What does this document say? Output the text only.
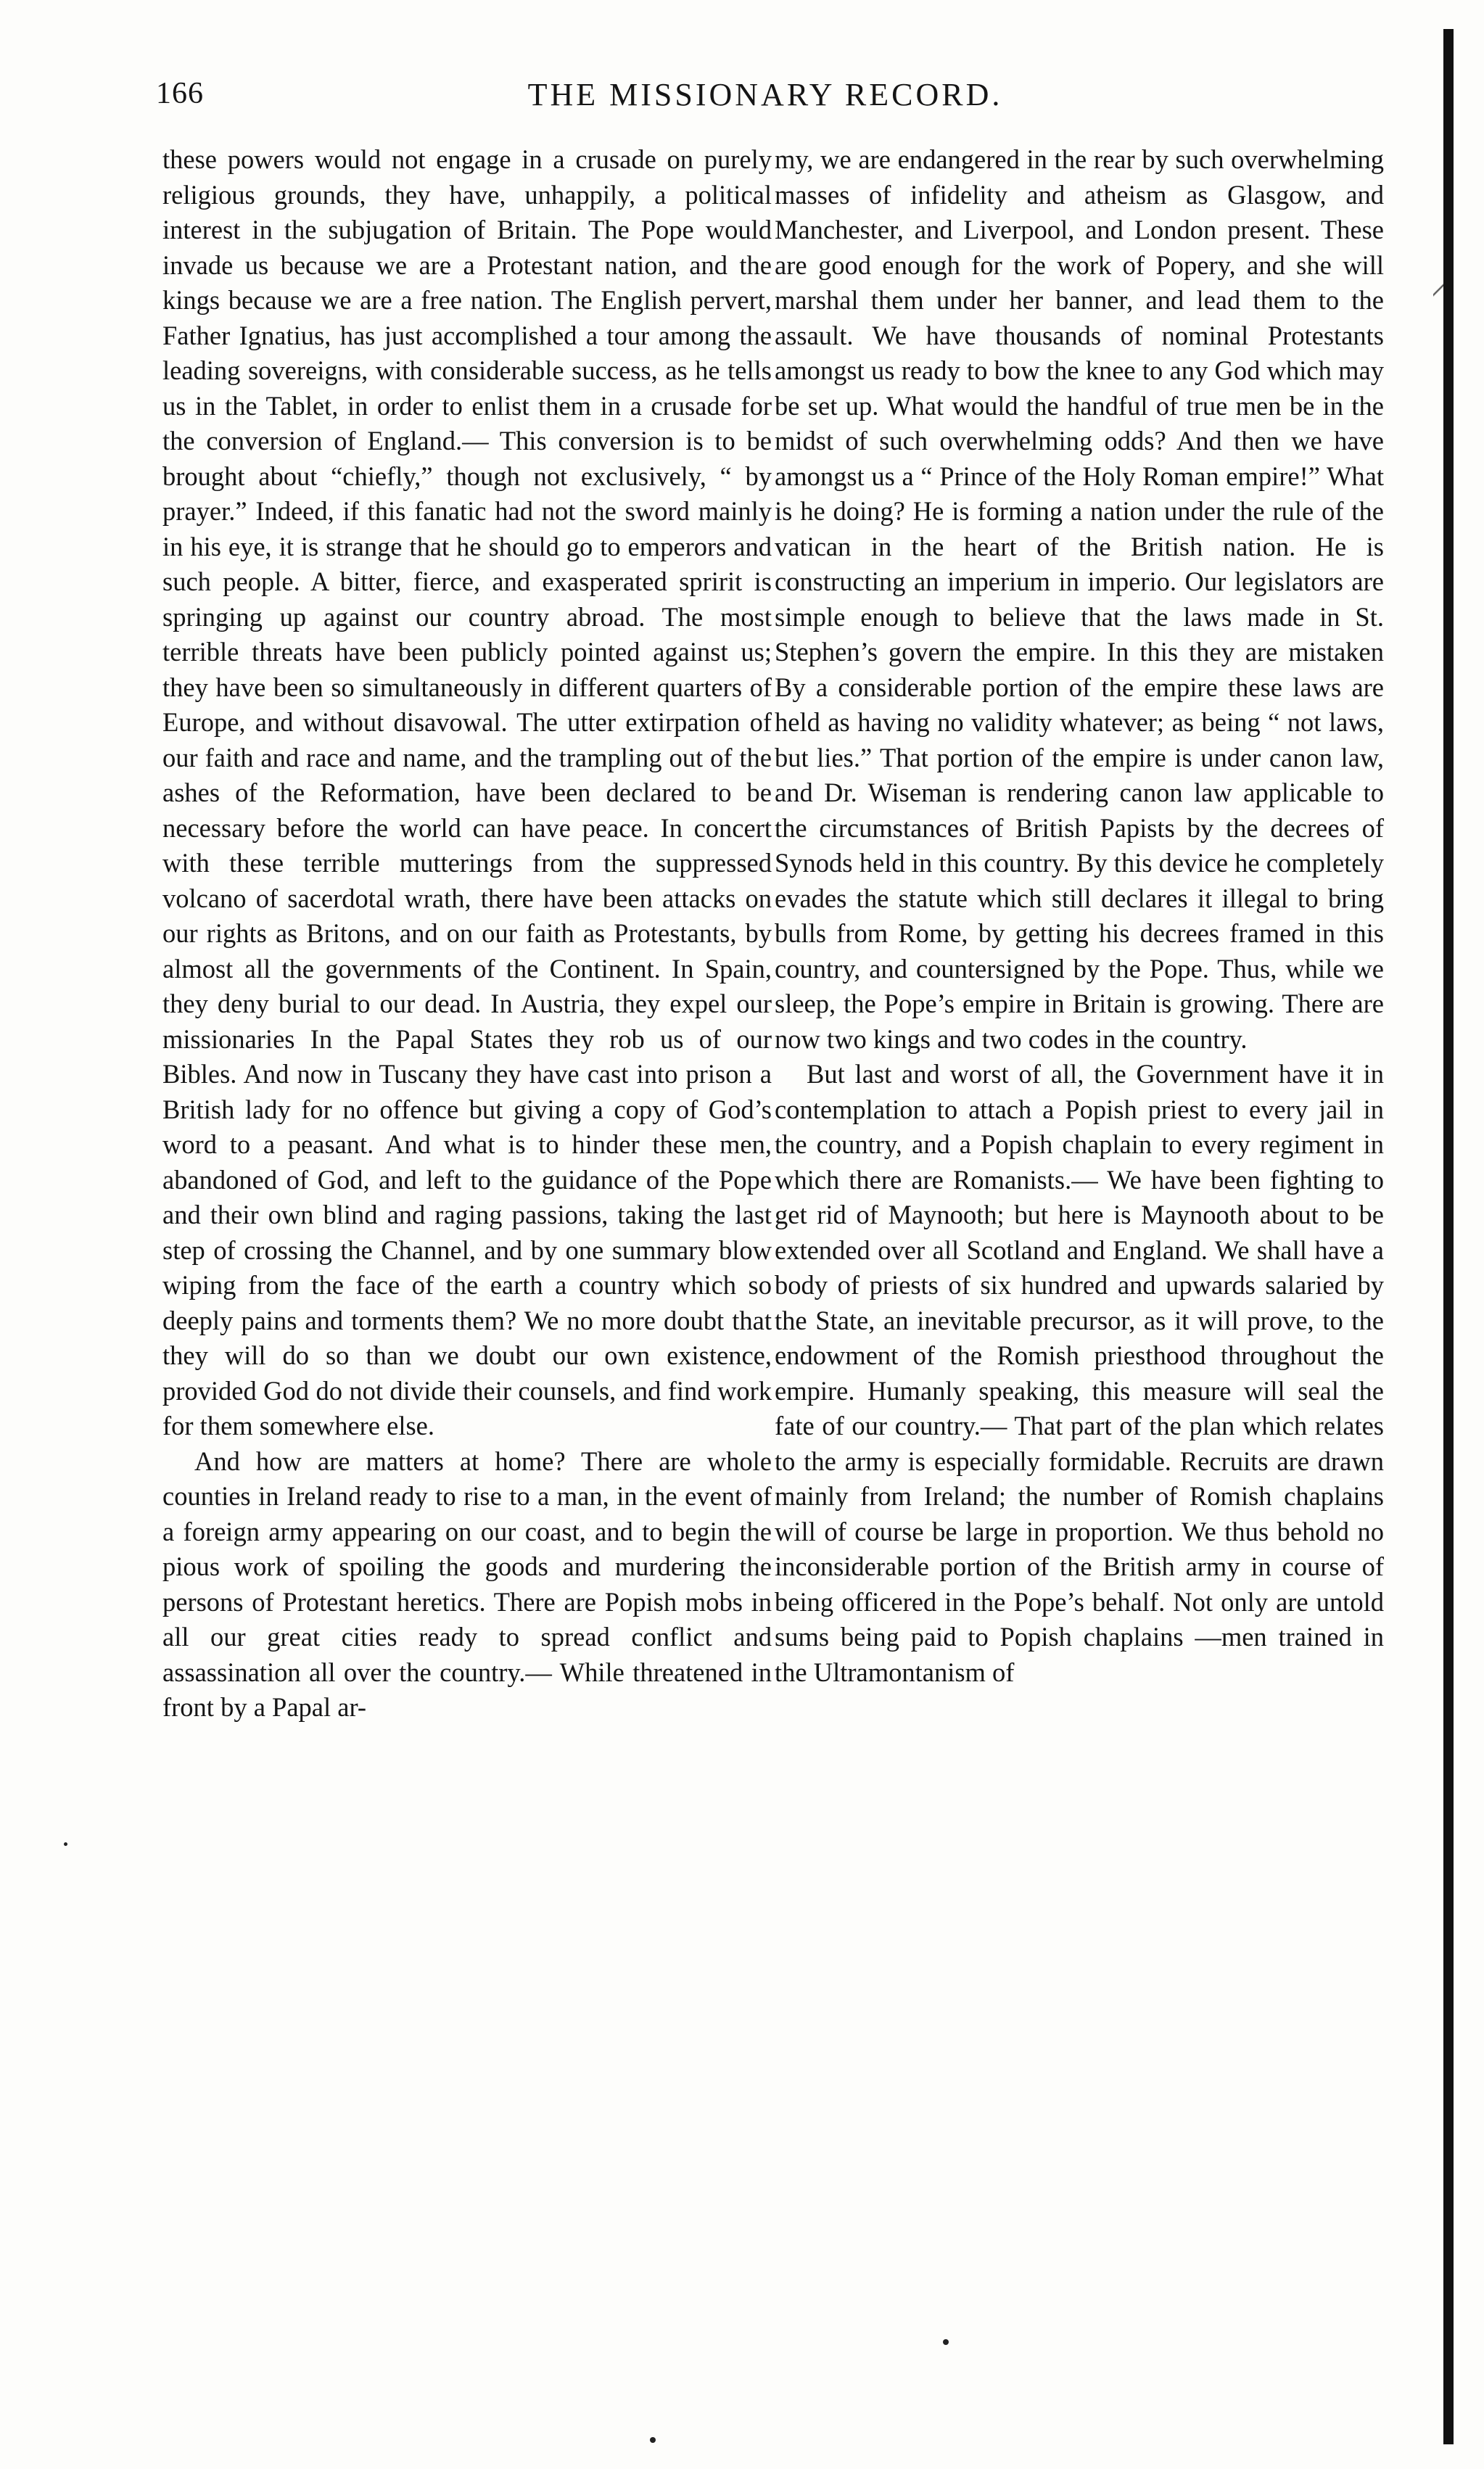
166	THE MISSIONARY RECORD.

these powers would not engage in a crusade on purely religious grounds, they have, unhappily, a political interest in the subjugation of Britain. The Pope would invade us because we are a Protestant nation, and the kings because we are a free nation. The English pervert, Father Ignatius, has just accomplished a tour among the leading sovereigns, with considerable success, as he tells us in the Tablet, in order to enlist them in a crusade for the conversion of England.— This conversion is to be brought about “chiefly,” though not exclusively, “ by prayer.” Indeed, if this fanatic had not the sword mainly in his eye, it is strange that he should go to emperors and such people. A bitter, fierce, and exasperated spririt is springing up against our country abroad. The most terrible threats have been publicly pointed against us; they have been so simultaneously in different quarters of Europe, and without disavowal. The utter extirpation of our faith and race and name, and the trampling out of the ashes of the Reformation, have been declared to be necessary before the world can have peace. In concert with these terrible mutterings from the suppressed volcano of sacerdotal wrath, there have been attacks on our rights as Britons, and on our faith as Protestants, by almost all the governments of the Continent. In Spain, they deny burial to our dead. In Austria, they expel our missionaries In the Papal States they rob us of our Bibles. And now in Tuscany they have cast into prison a British lady for no offence but giving a copy of God’s word to a peasant. And what is to hinder these men, abandoned of God, and left to the guidance of the Pope and their own blind and raging passions, taking the last step of crossing the Channel, and by one summary blow wiping from the face of the earth a country which so deeply pains and torments them? We no more doubt that they will do so than we doubt our own existence, provided God do not divide their counsels, and find work for them somewhere else.

And how are matters at home? There are whole counties in Ireland ready to rise to a man, in the event of a foreign army appearing on our coast, and to begin the pious work of spoiling the goods and murdering the persons of Protestant heretics. There are Popish mobs in all our great cities ready to spread conflict and assassination all over the country.— While threatened in front by a Papal ar-

my, we are endangered in the rear by such overwhelming masses of infidelity and atheism as Glasgow, and Manchester, and Liverpool, and London present. These are good enough for the work of Popery, and she will marshal them under her banner, and lead them to the assault. We have thousands of nominal Protestants amongst us ready to bow the knee to any God which may be set up. What would the handful of true men be in the midst of such overwhelming odds? And then we have amongst us a “ Prince of the Holy Roman empire!” What is he doing? He is forming a nation under the rule of the vatican in the heart of the British nation. He is constructing an imperium in imperio. Our legislators are simple enough to believe that the laws made in St. Stephen’s govern the empire. In this they are mistaken By a considerable portion of the empire these laws are held as having no validity whatever; as being “ not laws, but lies.” That portion of the empire is under canon law, and Dr. Wiseman is rendering canon law applicable to the circumstances of British Papists by the decrees of Synods held in this country. By this device he completely evades the statute which still declares it illegal to bring bulls from Rome, by getting his decrees framed in this country, and countersigned by the Pope. Thus, while we sleep, the Pope’s empire in Britain is growing. There are now two kings and two codes in the country.

But last and worst of all, the Government have it in contemplation to attach a Popish priest to every jail in the country, and a Popish chaplain to every regiment in which there are Romanists.— We have been fighting to get rid of Maynooth; but here is Maynooth about to be extended over all Scotland and England. We shall have a body of priests of six hundred and upwards salaried by the State, an inevitable precursor, as it will prove, to the endowment of the Romish priesthood throughout the empire. Humanly speaking, this measure will seal the fate of our country.— That part of the plan which relates to the army is especially formidable. Recruits are drawn mainly from Ireland; the number of Romish chaplains will of course be large in proportion. We thus behold no inconsiderable portion of the British army in course of being officered in the Pope’s behalf. Not only are untold sums being paid to Popish chaplains —men trained in the Ultramontanism of
